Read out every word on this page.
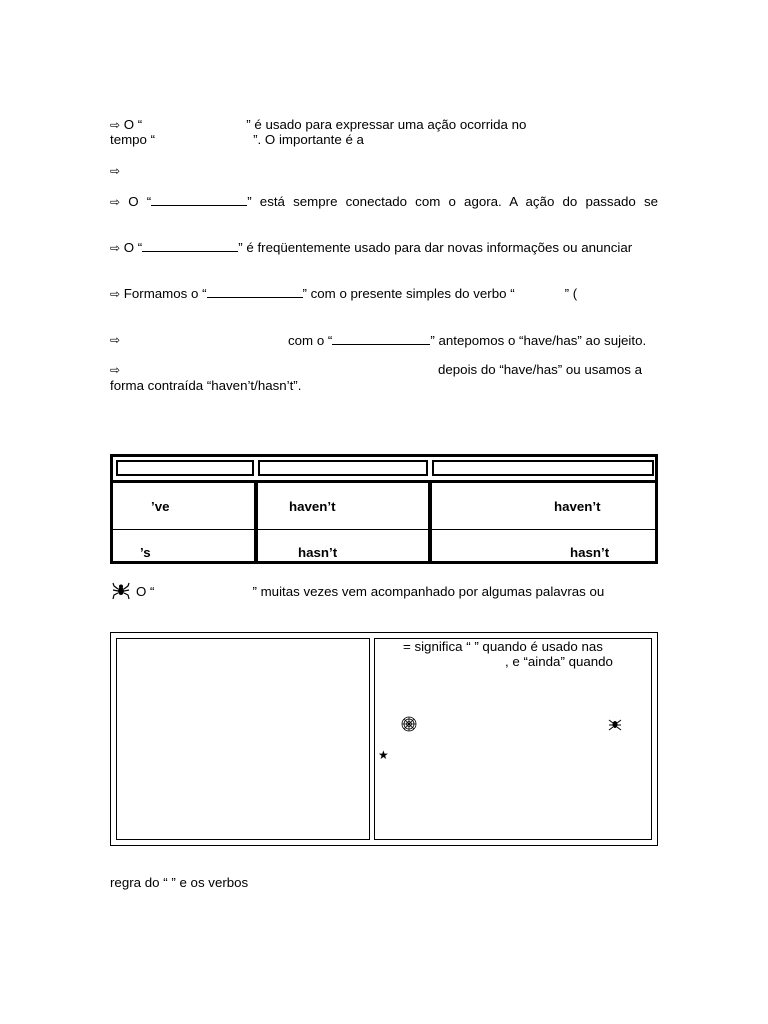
⇨ O “	” é usado para expressar uma ação ocorrida no
tempo “	”. O importante é a
⇨
⇨ O “	” está sempre conectado com o agora. A ação do passado se
⇨ O “	” é freqüentemente usado para dar novas informações ou anunciar
⇨ Formamos o “	” com o presente simples do verbo “	” (
⇨	com o “	” antepomos o “have/has” ao sujeito.
⇨	depois do “have/has” ou usamos a
forma contraída “haven’t/hasn’t”.
’ve	haven’t	haven’t
’s	hasn’t	hasn’t
O “	” muitas vezes vem acompanhado por algumas palavras ou
= significa “ ” quando é usado nas
, e “ainda” quando
★
regra do “ ” e os verbos
